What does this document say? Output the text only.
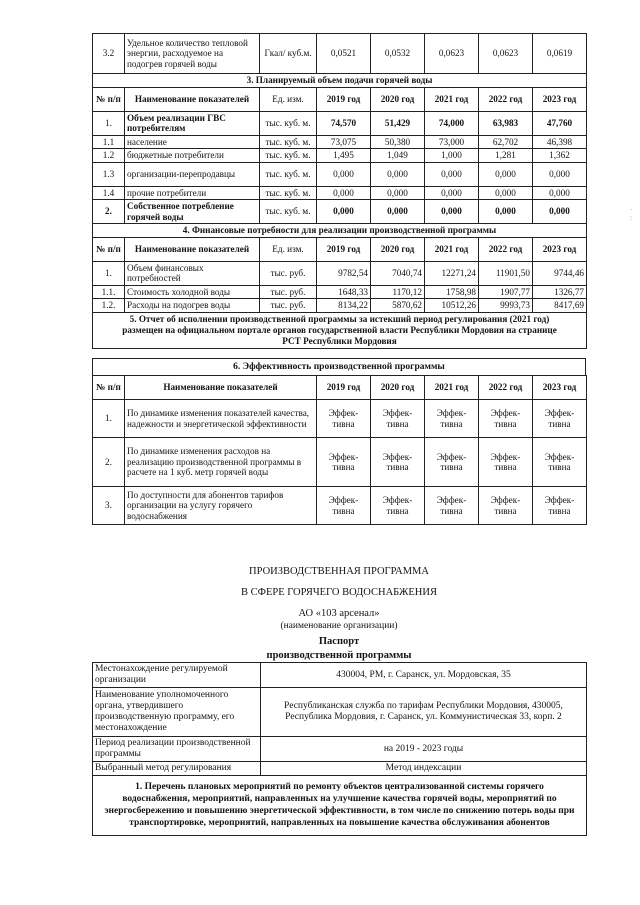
3.2	Удельное количество тепловой энергии, расходуемое на подогрев горячей воды	Гкал/ куб.м.	0,0521	0,0532	0,0623	0,0623	0,0619
3. Планируемый объем подачи горячей воды							
№ п/п	Наименование показателей	Ед. изм.	2019 год	2020 год	2021 год	2022 год	2023 год
1.	Объем реализации ГВС потребителям	тыс. куб. м.	74,570	51,429	74,000	63,983	47,760
1.1	население	тыс. куб. м.	73,075	50,380	73,000	62,702	46,398
1.2	бюджетные потребители	тыс. куб. м.	1,495	1,049	1,000	1,281	1,362
1.3	организации-перепродавцы	тыс. куб. м.	0,000	0,000	0,000	0,000	0,000
1.4	прочие потребители	тыс. куб. м.	0,000	0,000	0,000	0,000	0,000
2.	Собственное потребление горячей воды	тыс. куб. м.	0,000	0,000	0,000	0,000	0,000
4. Финансовые потребности для реализации производственной программы							
№ п/п	Наименование показателей	Ед. изм.	2019 год	2020 год	2021 год	2022 год	2023 год
1.	Объем финансовых потребностей	тыс. руб.	9782,54	7040,74	12271,24	11901,50	9744,46
1.1.	Стоимость холодной воды	тыс. руб.	1648,33	1170,12	1758,98	1907,77	1326,77
1.2.	Расходы на подогрев воды	тыс. руб.	8134,22	5870,62	10512,26	9993,73	8417,69
5. Отчет об исполнении производственной программы за истекший период регулирования (2021 год) размещен на официальном портале органов государственной власти Республики Мордовия на странице РСТ Республики Мордовия							
6. Эффективность производственной программы
№ п/п	Наименование показателей	2019 год	2020 год	2021 год	2022 год	2023 год
1.	По динамике изменения показателей качества, надежности и энергетической эффективности	Эффек-тивна	Эффек-тивна	Эффек-тивна	Эффек-тивна	Эффек-тивна
2.	По динамике изменения расходов на реализацию производственной программы в расчете на 1 куб. метр горячей воды	Эффек-тивна	Эффек-тивна	Эффек-тивна	Эффек-тивна	Эффек-тивна
3.	По доступности для абонентов тарифов организации на услугу горячего водоснабжения	Эффек-тивна	Эффек-тивна	Эффек-тивна	Эффек-тивна	Эффек-тивна
ПРОИЗВОДСТВЕННАЯ ПРОГРАММА
В СФЕРЕ ГОРЯЧЕГО ВОДОСНАБЖЕНИЯ
АО «103 арсенал»
(наименование организации)
Паспорт
производственной программы
Местонахождение регулируемой организации	430004, РМ, г. Саранск, ул. Мордовская, 35
Наименование уполномоченного органа, утвердившего производственную программу, его местонахождение	Республиканская служба по тарифам Республики Мордовия, 430005, Республика Мордовия, г. Саранск, ул. Коммунистическая 33, корп. 2
Период реализации производственной программы	на 2019 - 2023 годы
Выбранный метод регулирования	Метод индексации
1. Перечень плановых мероприятий по ремонту объектов централизованной системы горячего водоснабжения, мероприятий, направленных на улучшение качества горячей воды, мероприятий по энергосбережению и повышению энергетической эффективности, в том числе по снижению потерь воды при транспортировке, мероприятий, направленных на повышение качества обслуживания абонентов	
·
:
